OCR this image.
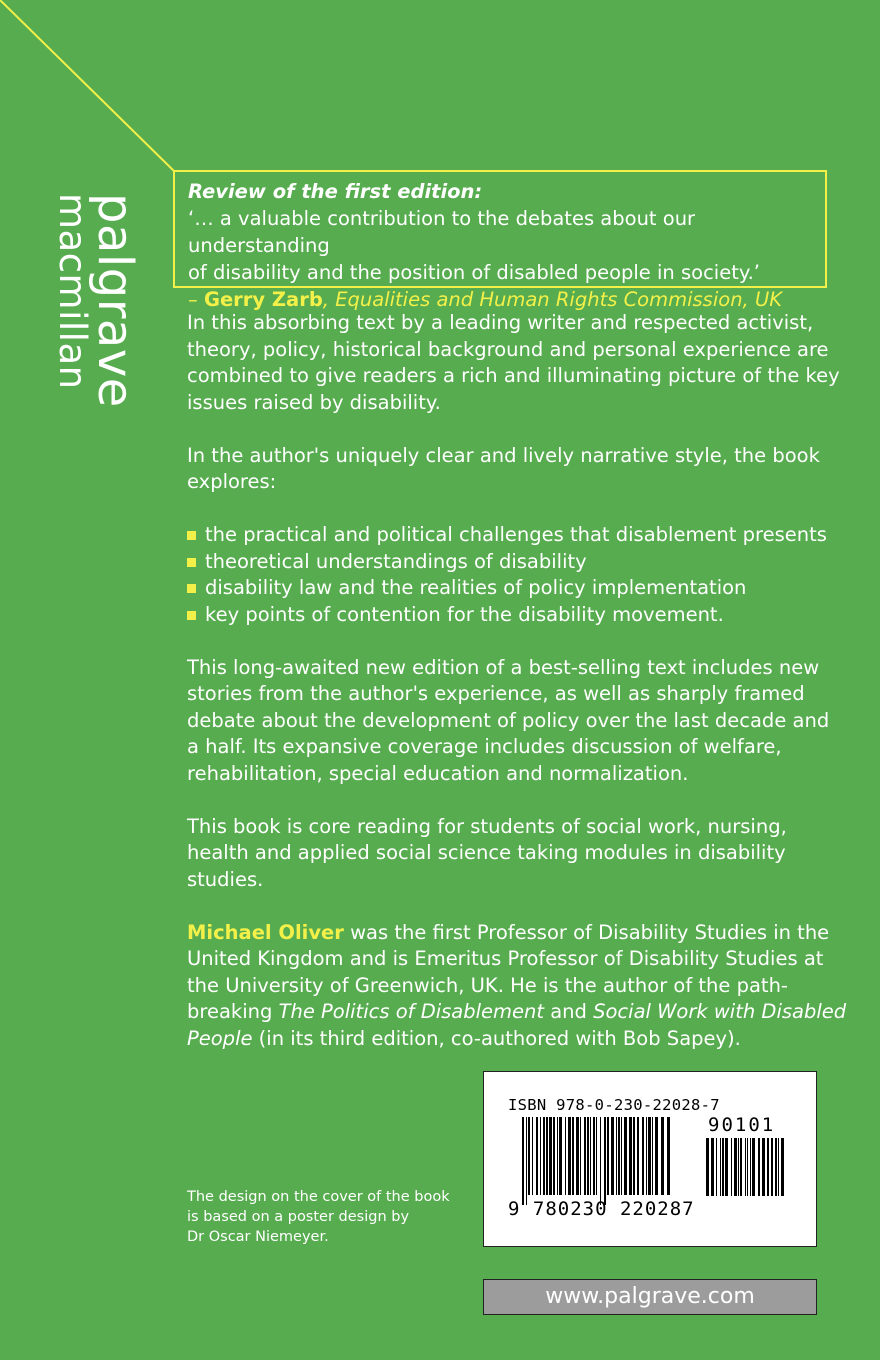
palgrave
macmillan
Review of the first edition:
‘… a valuable contribution to the debates about our understanding
of disability and the position of disabled people in society.’
– Gerry Zarb, Equalities and Human Rights Commission, UK

In this absorbing text by a leading writer and respected activist, theory, policy, historical background and personal experience are combined to give readers a rich and illuminating picture of the key issues raised by disability.

In the author's uniquely clear and lively narrative style, the book explores:

the practical and political challenges that disablement presents
theoretical understandings of disability
disability law and the realities of policy implementation
key points of contention for the disability movement.

This long-awaited new edition of a best-selling text includes new stories from the author's experience, as well as sharply framed debate about the development of policy over the last decade and a half. Its expansive coverage includes discussion of welfare, rehabilitation, special education and normalization.

This book is core reading for students of social work, nursing, health and applied social science taking modules in disability studies.

Michael Oliver was the first Professor of Disability Studies in the United Kingdom and is Emeritus Professor of Disability Studies at the University of Greenwich, UK. He is the author of the path-breaking The Politics of Disablement and Social Work with Disabled People (in its third edition, co-authored with Bob Sapey).

The design on the cover of the book
is based on a poster design by
Dr Oscar Niemeyer.
ISBN 978-0-230-22028-7
90101
9 780230 220287
www.palgrave.com
